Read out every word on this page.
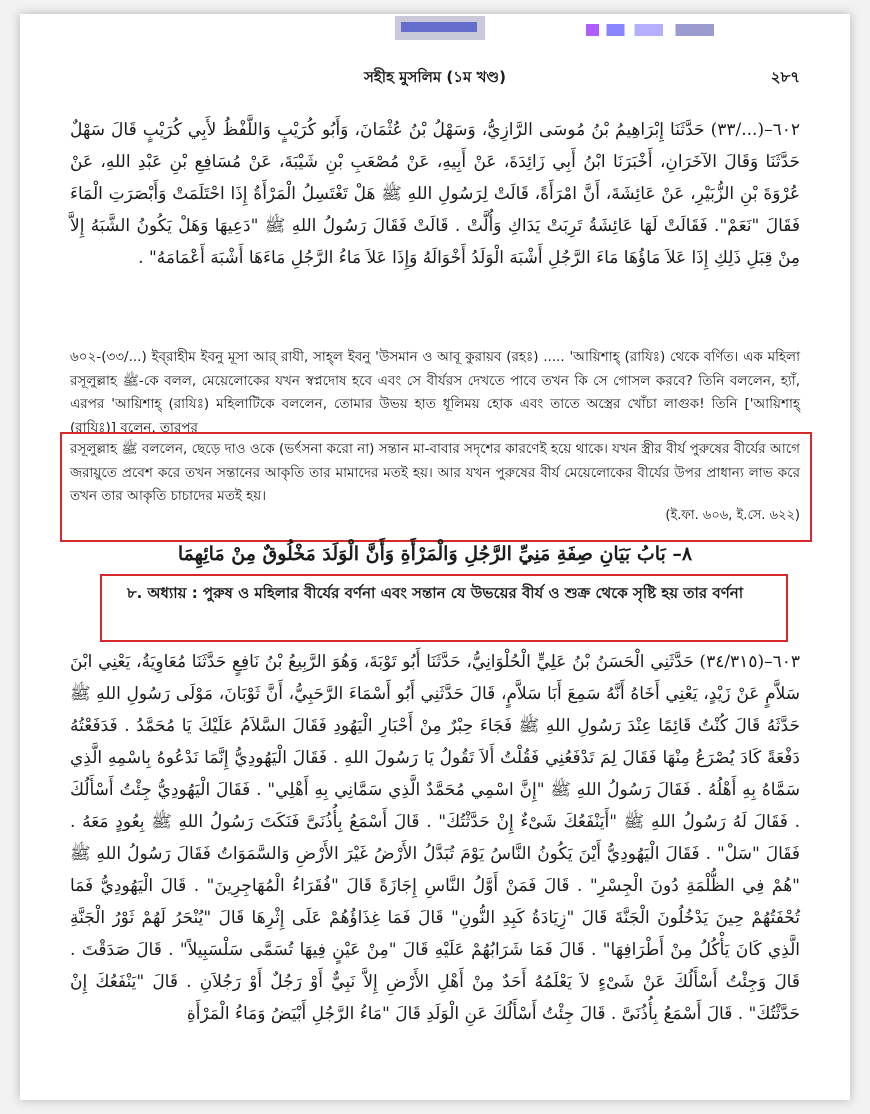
সহীহ মুসলিম (১ম খণ্ড)	২৮৭

٦٠٢–(.../٣٣) حَدَّثَنَا إِبْرَاهِيمُ بْنُ مُوسَى الرَّازِيُّ، وَسَهْلُ بْنُ عُثْمَانَ، وَأَبُو كُرَيْبٍ وَاللَّفْظُ لأَبِي كُرَيْبٍ قَالَ سَهْلٌ حَدَّثَنَا وَقَالَ الآخَرَانِ، أَخْبَرَنَا ابْنُ أَبِي زَائِدَةَ، عَنْ أَبِيهِ، عَنْ مُصْعَبِ بْنِ شَيْبَةَ، عَنْ مُسَافِعِ بْنِ عَبْدِ اللهِ، عَنْ عُرْوَةَ بْنِ الزُّبَيْرِ، عَنْ عَائِشَةَ، أَنَّ امْرَأَةً، قَالَتْ لِرَسُولِ اللهِ ﷺ هَلْ تَغْتَسِلُ الْمَرْأَةُ إِذَا احْتَلَمَتْ وَأَبْصَرَتِ الْمَاءَ فَقَالَ "نَعَمْ". فَقَالَتْ لَهَا عَائِشَةُ تَرِبَتْ يَدَاكِ وَأُلَّتْ . قَالَتْ فَقَالَ رَسُولُ اللهِ ﷺ "دَعِيهَا وَهَلْ يَكُونُ الشَّبَهُ إِلاَّ مِنْ قِبَلِ ذَلِكِ إِذَا عَلاَ مَاؤُهَا مَاءَ الرَّجُلِ أَشْبَهَ الْوَلَدُ أَخْوَالَهُ وَإِذَا عَلاَ مَاءُ الرَّجُلِ مَاءَهَا أَشْبَهَ أَعْمَامَهُ" .

৬০২-(৩৩/...) ইব্‌রাহীম ইবনু মূসা আর্‌ রাযী, সাহ্‌ল ইবনু 'উসমান ও আবূ কুরায়ব (রহঃ) ..... 'আয়িশাহ্‌ (রাযিঃ) থেকে বর্ণিত। এক মহিলা রসূলুল্লাহ ﷺ-কে বলল, মেয়েলোকের যখন স্বপ্নদোষ হবে এবং সে বীর্যরস দেখতে পাবে তখন কি সে গোসল করবে? তিনি বললেন, হ্যাঁ, এরপর 'আয়িশাহ্‌ (রাযিঃ) মহিলাটিকে বললেন, তোমার উভয় হাত ধূলিময় হোক এবং তাতে অস্ত্রের খোঁচা লাগুক! তিনি ['আয়িশাহ্‌ (রাযিঃ)] বলেন, তারপর

রসূলুল্লাহ ﷺ বললেন, ছেড়ে দাও ওকে (ভর্ৎসনা করো না) সন্তান মা-বাবার সদৃশের কারণেই হয়ে থাকে। যখন স্ত্রীর বীর্য পুরুষের বীর্যের আগে জরায়ুতে প্রবেশ করে তখন সন্তানের আকৃতি তার মামাদের মতই হয়। আর যখন পুরুষের বীর্য মেয়েলোকের বীর্যের উপর প্রাধান্য লাভ করে তখন তার আকৃতি চাচাদের মতই হয়।

(ই.ফা. ৬০৬, ই.সে. ৬২২)
٨– بَابُ بَيَانِ صِفَةِ مَنِيِّ الرَّجُلِ وَالْمَرْأَةِ وَأَنَّ الْوَلَدَ مَخْلُوقٌ مِنْ مَائِهِمَا
৮. অধ্যায় : পুরুষ ও মহিলার বীর্যের বর্ণনা এবং সন্তান যে উভয়ের বীর্য ও শুক্র থেকে সৃষ্টি হয় তার বর্ণনা

٦٠٣–(٣٤/٣١٥) حَدَّثَنِي الْحَسَنُ بْنُ عَلِيٍّ الْحُلْوَانِيُّ، حَدَّثَنَا أَبُو تَوْبَةَ، وَهُوَ الرَّبِيعُ بْنُ نَافِعٍ حَدَّثَنَا مُعَاوِيَةُ، يَعْنِي ابْنَ سَلاَّمٍ عَنْ زَيْدٍ، يَعْنِي أَخَاهُ أَنَّهُ سَمِعَ أَبَا سَلاَّمٍ، قَالَ حَدَّثَنِي أَبُو أَسْمَاءَ الرَّحَبِيُّ، أَنَّ ثَوْبَانَ، مَوْلَى رَسُولِ اللهِ ﷺ حَدَّثَهُ قَالَ كُنْتُ قَائِمًا عِنْدَ رَسُولِ اللهِ ﷺ فَجَاءَ حِبْرٌ مِنْ أَحْبَارِ الْيَهُودِ فَقَالَ السَّلاَمُ عَلَيْكَ يَا مُحَمَّدُ . فَدَفَعْتُهُ دَفْعَةً كَادَ يُصْرَعُ مِنْهَا فَقَالَ لِمَ تَدْفَعُنِي فَقُلْتُ أَلاَ تَقُولُ يَا رَسُولَ اللهِ . فَقَالَ الْيَهُودِيُّ إِنَّمَا نَدْعُوهُ بِاسْمِهِ الَّذِي سَمَّاهُ بِهِ أَهْلُهُ . فَقَالَ رَسُولُ اللهِ ﷺ "إِنَّ اسْمِي مُحَمَّدٌ الَّذِي سَمَّانِي بِهِ أَهْلِي" . فَقَالَ الْيَهُودِيُّ جِئْتُ أَسْأَلُكَ . فَقَالَ لَهُ رَسُولُ اللهِ ﷺ "أَيَنْفَعُكَ شَىْءٌ إِنْ حَدَّثْتُكَ" . قَالَ أَسْمَعُ بِأُذُنَىَّ فَنَكَتَ رَسُولُ اللهِ ﷺ بِعُودٍ مَعَهُ . فَقَالَ "سَلْ" . فَقَالَ الْيَهُودِيُّ أَيْنَ يَكُونُ النَّاسُ يَوْمَ تُبَدَّلُ الأَرْضُ غَيْرَ الأَرْضِ وَالسَّمَوَاتُ فَقَالَ رَسُولُ اللهِ ﷺ "هُمْ فِي الظُّلْمَةِ دُونَ الْجِسْرِ" . قَالَ فَمَنْ أَوَّلُ النَّاسِ إِجَازَةً قَالَ "فُقَرَاءُ الْمُهَاجِرِينَ" . قَالَ الْيَهُودِيُّ فَمَا تُحْفَتُهُمْ حِينَ يَدْخُلُونَ الْجَنَّةَ قَالَ "زِيَادَةُ كَبِدِ النُّونِ" قَالَ فَمَا غِذَاؤُهُمْ عَلَى إِثْرِهَا قَالَ "يُنْحَرُ لَهُمْ ثَوْرُ الْجَنَّةِ الَّذِي كَانَ يَأْكُلُ مِنْ أَطْرَافِهَا" . قَالَ فَمَا شَرَابُهُمْ عَلَيْهِ قَالَ "مِنْ عَيْنٍ فِيهَا تُسَمَّى سَلْسَبِيلاً" . قَالَ صَدَقْتَ . قَالَ وَجِئْتُ أَسْأَلُكَ عَنْ شَىْءٍ لاَ يَعْلَمُهُ أَحَدٌ مِنْ أَهْلِ الأَرْضِ إِلاَّ نَبِيٌّ أَوْ رَجُلٌ أَوْ رَجُلاَنِ . قَالَ "يَنْفَعُكَ إِنْ حَدَّثْتُكَ" . قَالَ أَسْمَعُ بِأُذُنَىَّ . قَالَ جِئْتُ أَسْأَلُكَ عَنِ الْوَلَدِ قَالَ "مَاءُ الرَّجُلِ أَبْيَضُ وَمَاءُ الْمَرْأَةِ
